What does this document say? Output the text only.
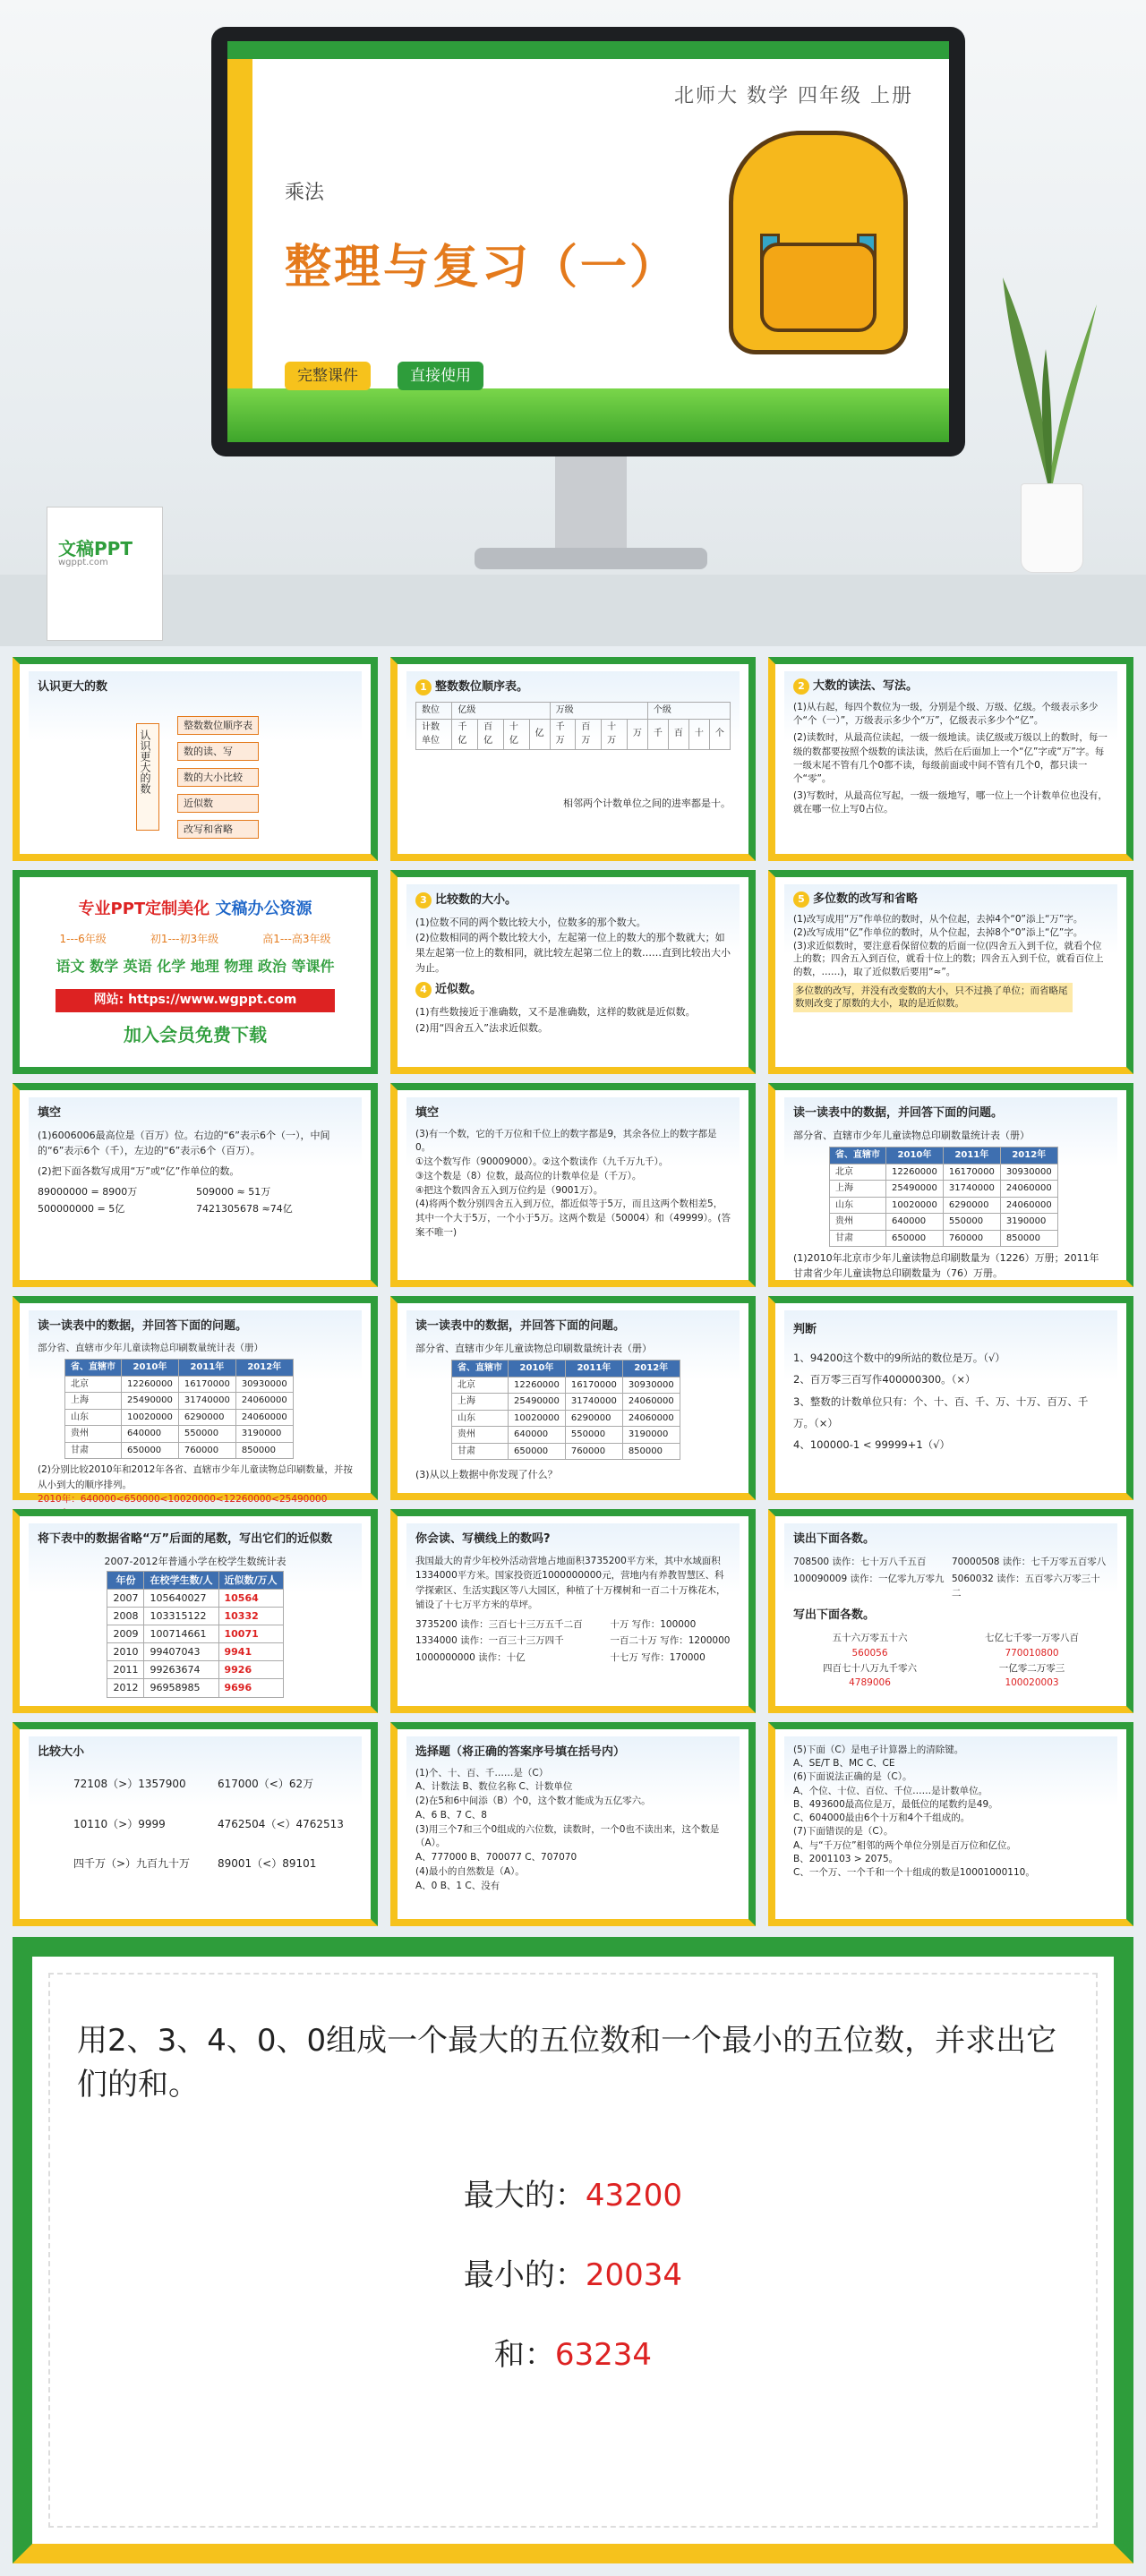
文稿PPT
wgppt.com
北师大 数学 四年级 上册
乘法
整理与复习（一）
完整课件	直接使用
认识更大的数
认识更大的数
整数数位顺序表
数的读、写
数的大小比较
近似数
改写和省略
1 整数数位顺序表。
数位	亿级				万级				个级			
计数单位	千亿	百亿	十亿	亿	千万	百万	十万	万	千	百	十	个
相邻两个计数单位之间的进率都是十。
2 大数的读法、写法。

(1)从右起，每四个数位为一级，分别是个级、万级、亿级。个级表示多少个“个（一）”，万级表示多少个“万”，亿级表示多少个“亿”。

(2)读数时，从最高位读起，一级一级地读。读亿级或万级以上的数时，每一级的数都要按照个级数的读法读，然后在后面加上一个“亿”字或“万”字。每一级末尾不管有几个0都不读，每级前面或中间不管有几个0，都只读一个“零”。

(3)写数时，从最高位写起，一级一级地写，哪一位上一个计数单位也没有，就在哪一位上写0占位。

专业PPT定制美化 文稿办公资源
1---6年级	初1---初3年级	高1---高3年级
语文 数学 英语 化学 地理 物理 政治 等课件
网站: https://www.wgppt.com
加入会员免费下载
3 比较数的大小。

(1)位数不同的两个数比较大小，位数多的那个数大。

(2)位数相同的两个数比较大小，左起第一位上的数大的那个数就大；如果左起第一位上的数相同，就比较左起第二位上的数……直到比较出大小为止。

4 近似数。

(1)有些数接近于准确数，又不是准确数，这样的数就是近似数。

(2)用“四舍五入”法求近似数。

5 多位数的改写和省略

(1)改写成用“万”作单位的数时，从个位起，去掉4个“0”添上“万”字。

(2)改写成用“亿”作单位的数时，从个位起，去掉8个“0”添上“亿”字。

(3)求近似数时，要注意看保留位数的后面一位(四舍五入到千位，就看个位上的数；四舍五入到百位，就看十位上的数；四舍五入到千位，就看百位上的数，……)，取了近似数后要用“≈”。

多位数的改写，并没有改变数的大小，只不过换了单位；而省略尾数则改变了原数的大小，取的是近似数。

填空

(1)6006006最高位是（百万）位。右边的“6”表示6个（一），中间的“6”表示6个（千），左边的“6”表示6个（百万）。

(2)把下面各数写成用“万”或“亿”作单位的数。

89000000 = 8900万	509000 ≈ 51万
500000000 = 5亿	7421305678 ≈74亿
填空

(3)有一个数，它的千万位和千位上的数字都是9，其余各位上的数字都是0。

①这个数写作（90009000）。②这个数读作（九千万九千）。

③这个数是（8）位数，最高位的计数单位是（千万）。

④把这个数四舍五入到万位约是（9001万）。

(4)将两个数分别四舍五入到万位，都近似等于5万，而且这两个数相差5，其中一个大于5万，一个小于5万。这两个数是（50004）和（49999）。(答案不唯一)

读一读表中的数据，并回答下面的问题。

部分省、直辖市少年儿童读物总印刷数量统计表（册）

省、直辖市	2010年	2011年	2012年
北京	12260000	16170000	30930000
上海	25490000	31740000	24060000
山东	10020000	6290000	24060000
贵州	640000	550000	3190000
甘肃	650000	760000	850000

(1)2010年北京市少年儿童读物总印刷数量为（1226）万册；2011年甘肃省少年儿童读物总印刷数量为（76）万册。

读一读表中的数据，并回答下面的问题。

部分省、直辖市少年儿童读物总印刷数量统计表（册）

省、直辖市	2010年	2011年	2012年
北京	12260000	16170000	30930000
上海	25490000	31740000	24060000
山东	10020000	6290000	24060000
贵州	640000	550000	3190000
甘肃	650000	760000	850000

(2)分别比较2010年和2012年各省、直辖市少年儿童读物总印刷数量，并按从小到大的顺序排列。

2010年：640000<650000<10020000<12260000<25490000

读一读表中的数据，并回答下面的问题。

部分省、直辖市少年儿童读物总印刷数量统计表（册）

省、直辖市	2010年	2011年	2012年
北京	12260000	16170000	30930000
上海	25490000	31740000	24060000
山东	10020000	6290000	24060000
贵州	640000	550000	3190000
甘肃	650000	760000	850000

(3)从以上数据中你发现了什么？

判断

1、94200这个数中的9所站的数位是万。（√）

2、百万零三百写作400000300。（×）

3、整数的计数单位只有：个、十、百、千、万、十万、百万、千万。（×）

4、100000-1 < 99999+1（√）

将下表中的数据省略“万”后面的尾数，写出它们的近似数

2007-2012年普通小学在校学生数统计表

年份	在校学生数/人	近似数/万人
2007	105640027	10564
2008	103315122	10332
2009	100714661	10071
2010	99407043	9941
2011	99263674	9926
2012	96958985	9696
你会读、写横线上的数吗?

我国最大的青少年校外活动营地占地面积3735200平方米，其中水域面积1334000平方米。国家投资近1000000000元，营地内有养教智慧区、科学探索区、生活实践区等八大园区，种植了十万棵树和一百二十万株花木，铺设了十七万平方米的草坪。

3735200 读作：三百七十三万五千二百	十万 写作：100000
1334000 读作：一百三十三万四千	一百二十万 写作：1200000
1000000000 读作：十亿	十七万 写作：170000
读出下面各数。
708500 读作：七十万八千五百	70000508 读作：七千万零五百零八
100090009 读作：一亿零九万零九 5060032 读作：五百零六万零三十二
写出下面各数。
五十六万零五十六	七亿七千零一万零八百
560056	770010800
四百七十八万九千零六	一亿零二万零三
4789006	100020003
比较大小
72108（>）1357900	617000（<）62万
10110（>）9999	4762504（<）4762513
四千万（>）九百九十万	89001（<）89101
选择题（将正确的答案序号填在括号内）

(1)个、十、百、千……是（C）

A、计数法 B、数位名称 C、计数单位

(2)在5和6中间添（B）个0，这个数才能成为五亿零六。

A、6 B、7 C、8

(3)用三个7和三个0组成的六位数，读数时，一个0也不读出来，这个数是（A）。

A、777000 B、700077 C、707070

(4)最小的自然数是（A）。

A、0 B、1 C、没有

(5)下面（C）是电子计算器上的清除键。

A、SE/T B、MC C、CE

(6)下面说法正确的是（C）。

A、个位、十位、百位、千位……是计数单位。

B、493600最高位是万，最低位的尾数约是49。

C、604000最由6个十万和4个千组成的。

(7)下面错误的是（C）。

A、与“千万位”相邻的两个单位分别是百万位和亿位。

B、2001103 > 2075。

C、一个万、一个千和一个十组成的数是10001000110。

用2、3、4、0、0组成一个最大的五位数和一个最小的五位数，并求出它们的和。
最大的：43200
最小的：20034
和：63234
